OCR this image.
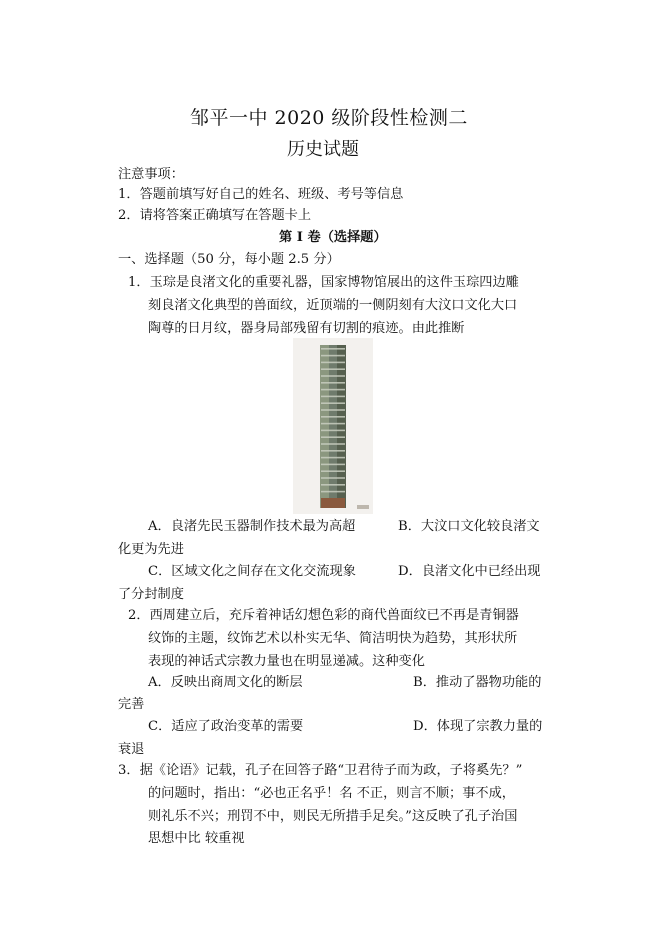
邹平一中 2020 级阶段性检测二
历史试题
注意事项：
1．答题前填写好自己的姓名、班级、考号等信息
2．请将答案正确填写在答题卡上
第 I 卷（选择题）
一、选择题（50 分，每小题 2.5 分）
1．玉琮是良渚文化的重要礼器，国家博物馆展出的这件玉琮四边雕
刻良渚文化典型的兽面纹，近顶端的一侧阴刻有大汶口文化大口
陶尊的日月纹，器身局部残留有切割的痕迹。由此推断
A．良渚先民玉器制作技术最为高超	B．大汶口文化较良渚文
化更为先进
C．区域文化之间存在文化交流现象	D．良渚文化中已经出现
了分封制度
2．西周建立后，充斥着神话幻想色彩的商代兽面纹已不再是青铜器
纹饰的主题，纹饰艺术以朴实无华、简洁明快为趋势，其形状所
表现的神话式宗教力量也在明显递减。这种变化
A．反映出商周文化的断层	B．推动了器物功能的
完善
C．适应了政治变革的需要	D．体现了宗教力量的
衰退
3．据《论语》记载，孔子在回答子路“卫君待子而为政，子将奚先？”
的问题时，指出：“必也正名乎！名 不正，则言不顺；事不成，
则礼乐不兴；刑罚不中，则民无所措手足矣。”这反映了孔子治国
思想中比 较重视
